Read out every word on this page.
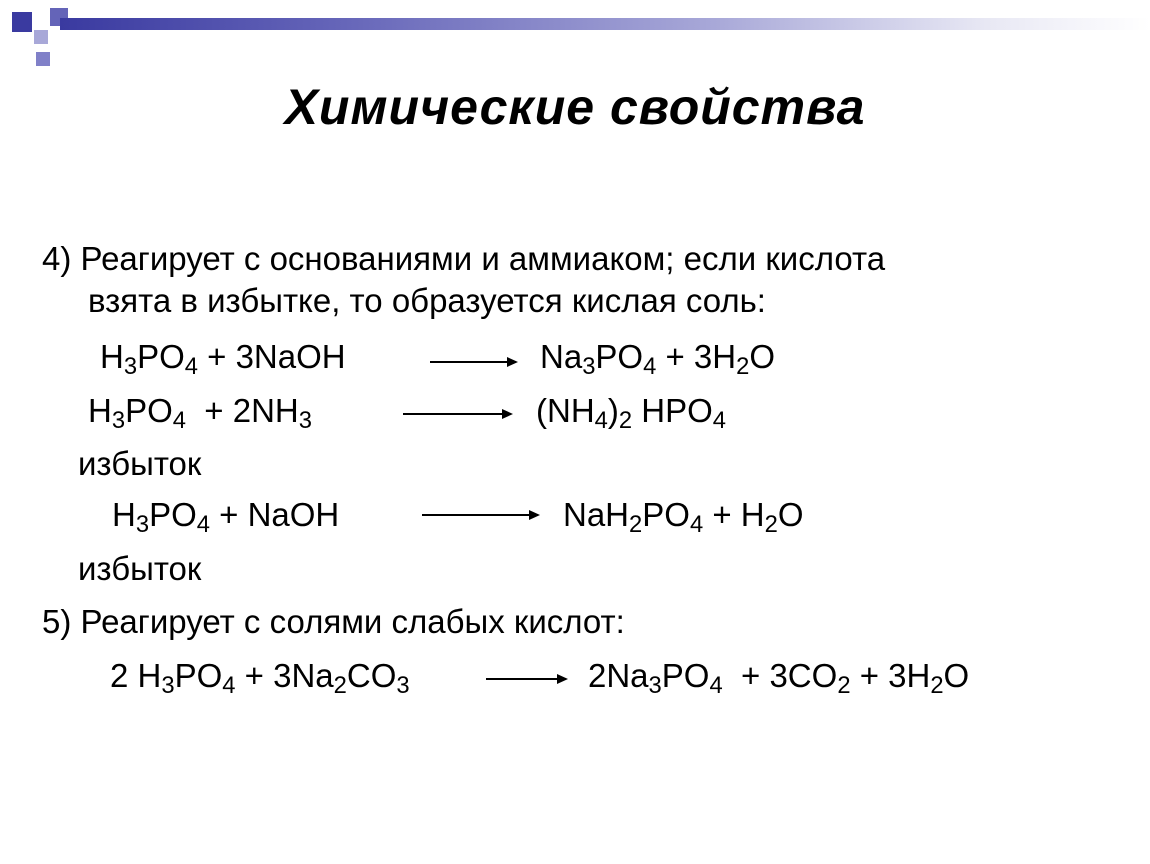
Химические свойства
4) Реагирует с основаниями и аммиаком; если кислота
взята в избытке, то образуется кислая соль:
$H_3PO_4$ + 3NaOH	$Na_3PO_4 + 3H_2O$
$H_3PO_4 + 2NH_3$	$(NH_4)_2$ $HPO_4$
избыток
$H_3PO_4$ + NaOH	$NaH_2PO_4 + H_2O$
избыток
5) Реагирует с солями слабых кислот:
2 $H_3PO_4 + 3Na_2CO_3$	$2Na_3PO_4 + 3CO_2 + 3H_2O$
